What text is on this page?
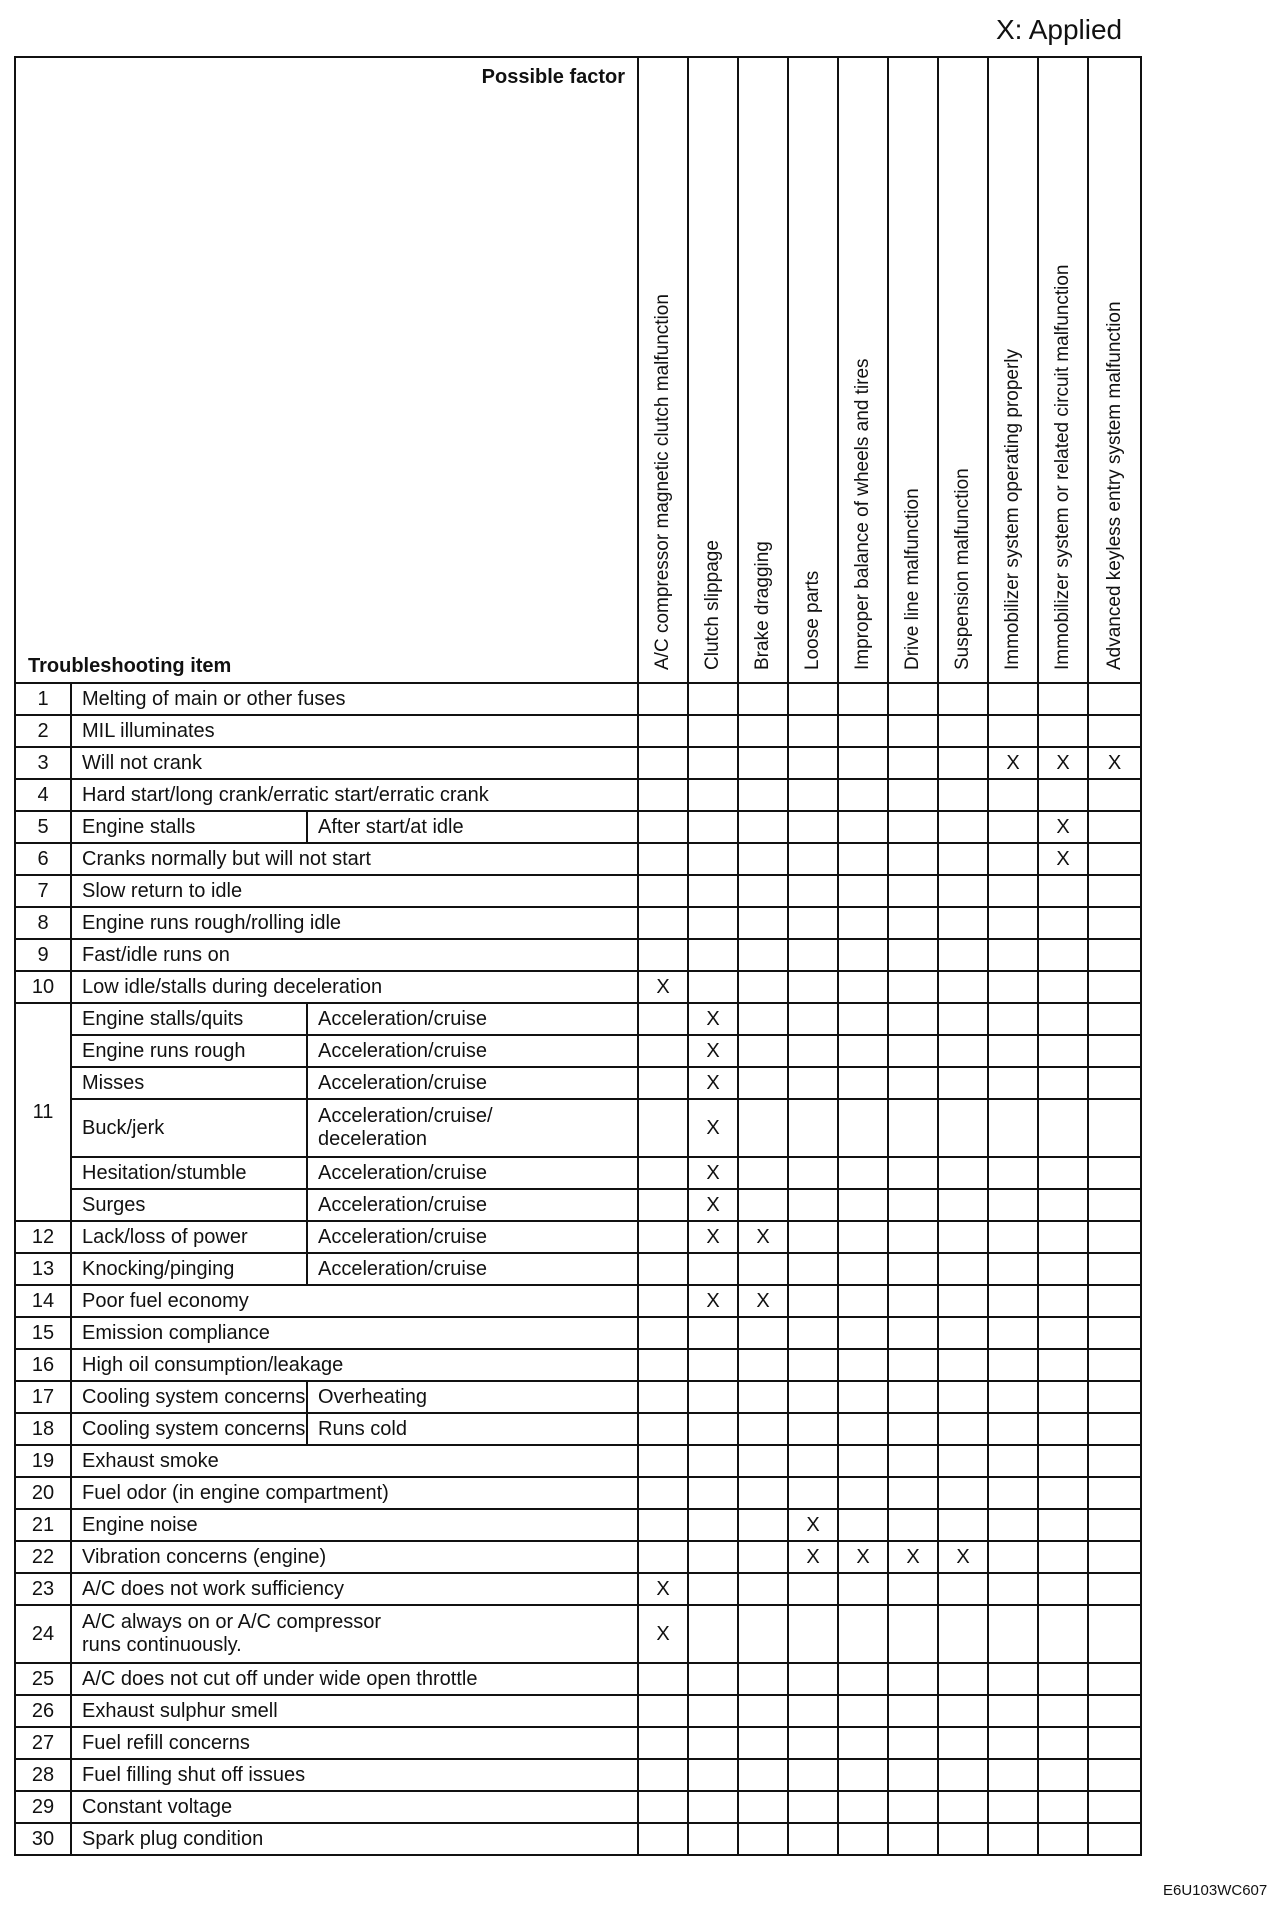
X: Applied
Possible factor
Troubleshooting item			A/C compressor magnetic clutch malfunction	Clutch slippage	Brake dragging	Loose parts	Improper balance of wheels and tires	Drive line malfunction	Suspension malfunction	Immobilizer system operating properly	Immobilizer system or related circuit malfunction	Advanced keyless entry system malfunction

1	Melting of main or other fuses											
2	MIL illuminates											
3	Will not crank									X	X	X
4	Hard start/long crank/erratic start/erratic crank											
5	Engine stalls	After start/at idle									X	
6	Cranks normally but will not start										X	
7	Slow return to idle											
8	Engine runs rough/rolling idle											
9	Fast/idle runs on											
10	Low idle/stalls during deceleration		X									
11	Engine stalls/quits	Acceleration/cruise		X								
	Engine runs rough	Acceleration/cruise		X								
	Misses	Acceleration/cruise		X								
	Buck/jerk	Acceleration/cruise/
deceleration		X								
	Hesitation/stumble	Acceleration/cruise		X								
	Surges	Acceleration/cruise		X								
12	Lack/loss of power	Acceleration/cruise		X	X							
13	Knocking/pinging	Acceleration/cruise										
14	Poor fuel economy			X	X							
15	Emission compliance											
16	High oil consumption/leakage											
17	Cooling system concerns	Overheating										
18	Cooling system concerns	Runs cold										
19	Exhaust smoke											
20	Fuel odor (in engine compartment)											
21	Engine noise					X						
22	Vibration concerns (engine)					X	X	X	X			
23	A/C does not work sufficiency		X									
24	A/C always on or A/C compressor
runs continuously.		X									
25	A/C does not cut off under wide open throttle											
26	Exhaust sulphur smell											
27	Fuel refill concerns											
28	Fuel filling shut off issues											
29	Constant voltage											
30	Spark plug condition											
E6U103WC607
